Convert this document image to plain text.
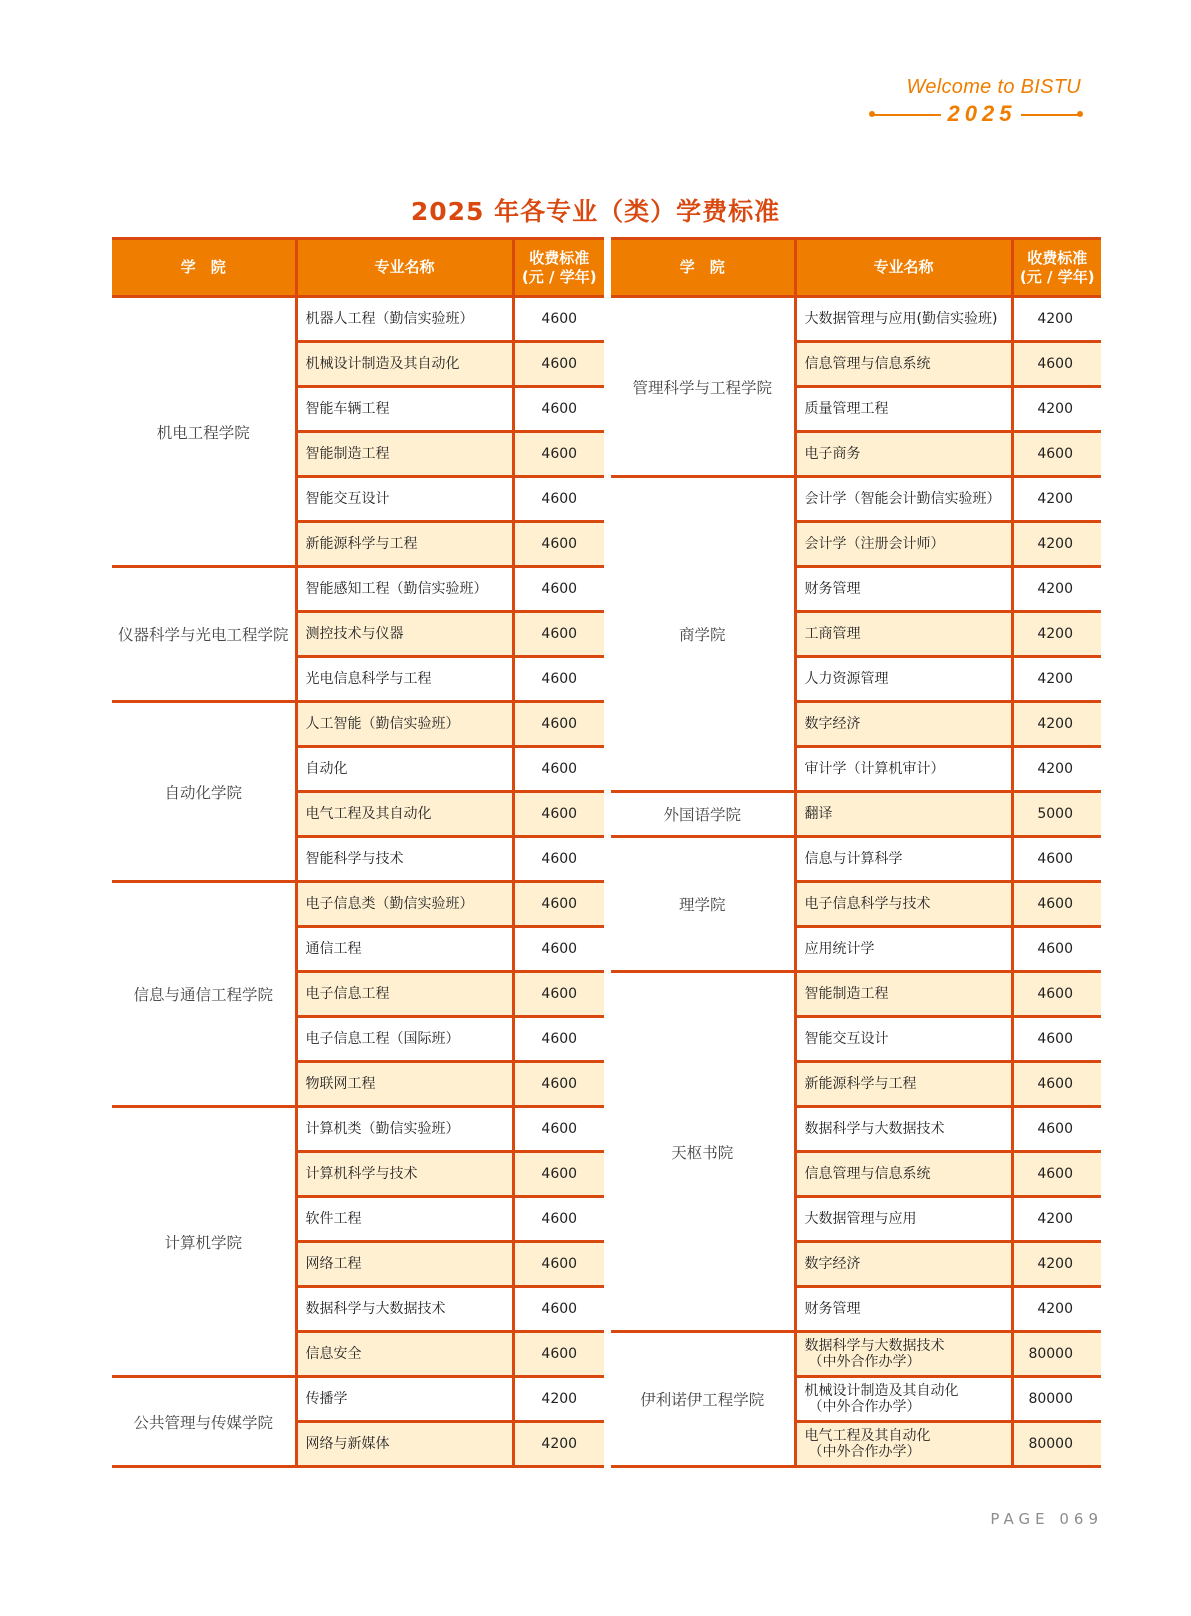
Welcome to BISTU
2025
2025 年各专业（类）学费标准
学　院	专业名称	收费标准
(元 / 学年)
机电工程学院	机器人工程（勤信实验班）	4600
	机械设计制造及其自动化	4600
	智能车辆工程	4600
	智能制造工程	4600
	智能交互设计	4600
	新能源科学与工程	4600
仪器科学与光电工程学院	智能感知工程（勤信实验班）	4600
	测控技术与仪器	4600
	光电信息科学与工程	4600
自动化学院	人工智能（勤信实验班）	4600
	自动化	4600
	电气工程及其自动化	4600
	智能科学与技术	4600
信息与通信工程学院	电子信息类（勤信实验班）	4600
	通信工程	4600
	电子信息工程	4600
	电子信息工程（国际班）	4600
	物联网工程	4600
计算机学院	计算机类（勤信实验班）	4600
	计算机科学与技术	4600
	软件工程	4600
	网络工程	4600
	数据科学与大数据技术	4600
	信息安全	4600
公共管理与传媒学院	传播学	4200
	网络与新媒体	4200
学　院	专业名称	收费标准
(元 / 学年)
管理科学与工程学院	大数据管理与应用(勤信实验班)	4200
	信息管理与信息系统	4600
	质量管理工程	4200
	电子商务	4600
商学院	会计学（智能会计勤信实验班）	4200
	会计学（注册会计师）	4200
	财务管理	4200
	工商管理	4200
	人力资源管理	4200
	数字经济	4200
	审计学（计算机审计）	4200
外国语学院	翻译	5000
理学院	信息与计算科学	4600
	电子信息科学与技术	4600
	应用统计学	4600
天枢书院	智能制造工程	4600
	智能交互设计	4600
	新能源科学与工程	4600
	数据科学与大数据技术	4600
	信息管理与信息系统	4600
	大数据管理与应用	4200
	数字经济	4200
	财务管理	4200
伊利诺伊工程学院	数据科学与大数据技术
（中外合作办学）	80000
	机械设计制造及其自动化
（中外合作办学）	80000
	电气工程及其自动化
（中外合作办学）	80000
PAGE 069
